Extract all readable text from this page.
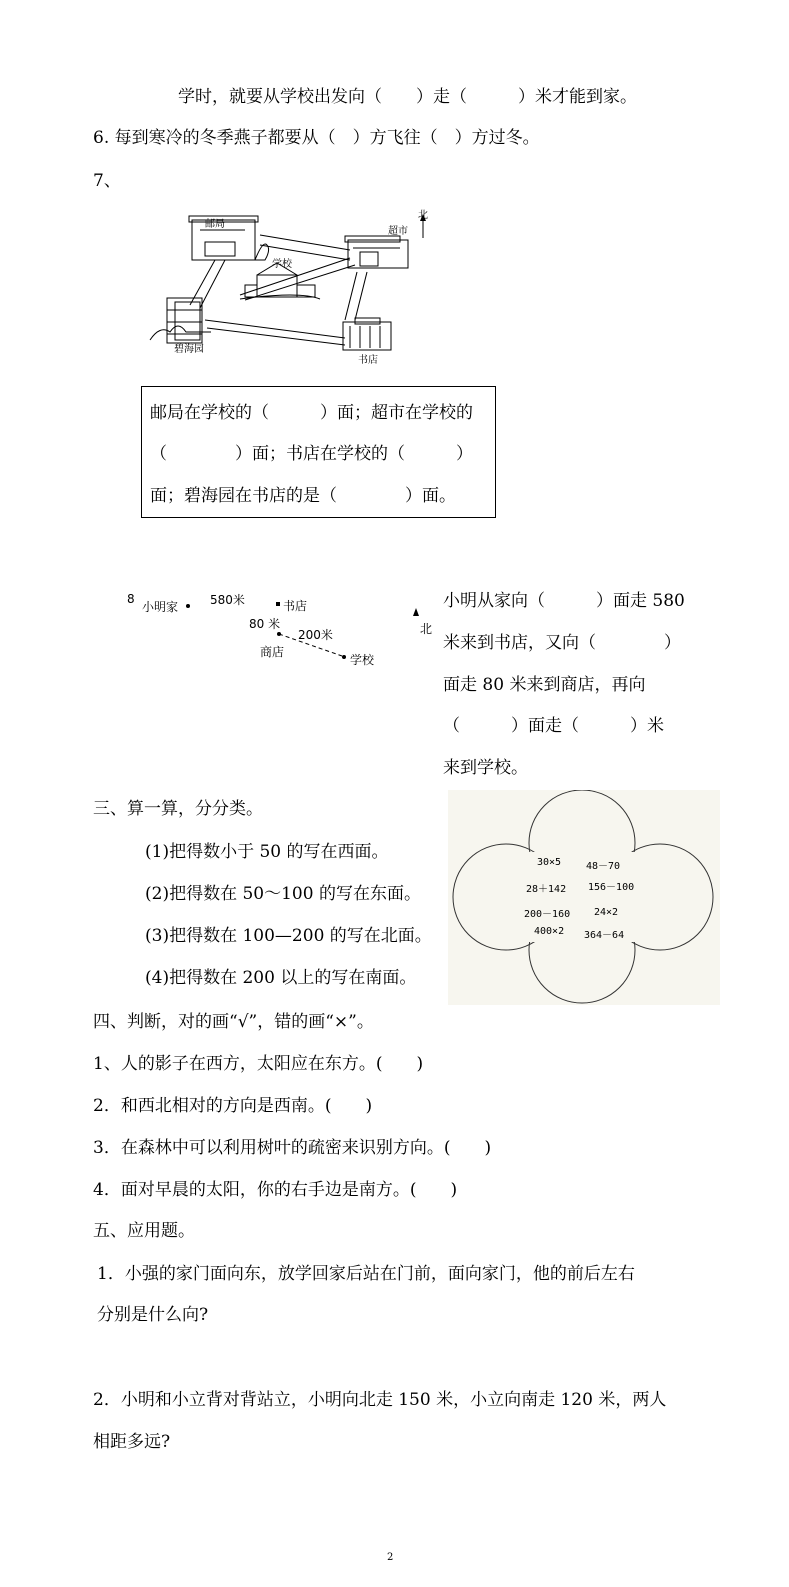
学时，就要从学校出发向（　　）走（　　　）米才能到家。
6. 每到寒冷的冬季燕子都要从（　）方飞往（　）方过冬。
7、
邮局
超市
北
学校
碧海园
书店
邮局在学校的（　　　）面；超市在学校的
（　　　　）面；书店在学校的（　　　）
面；碧海园在书店的是（　　　　）面。
8
小明家	580米	书店
80 米
200米
商店
学校
北
小明从家向（　　　）面走 580
米来到书店，又向（　　　　）
面走 80 米来到商店，再向
（　　　）面走（　　　）米
来到学校。
三、算一算，分分类。
(1)把得数小于 50 的写在西面。
(2)把得数在 50～100 的写在东面。
(3)把得数在 100—200 的写在北面。
(4)把得数在 200 以上的写在南面。
30×5 48－70
28＋142 156－100
200－160 24×2
400×2 364－64
四、判断，对的画“√”，错的画“×”。
1、人的影子在西方，太阳应在东方。(　　)
2．和西北相对的方向是西南。(　　)
3．在森林中可以利用树叶的疏密来识别方向。(　　)
4．面对早晨的太阳，你的右手边是南方。(　　)
五、应用题。
1．小强的家门面向东，放学回家后站在门前，面向家门，他的前后左右
分别是什么向?
2．小明和小立背对背站立，小明向北走 150 米，小立向南走 120 米，两人
相距多远?
2
